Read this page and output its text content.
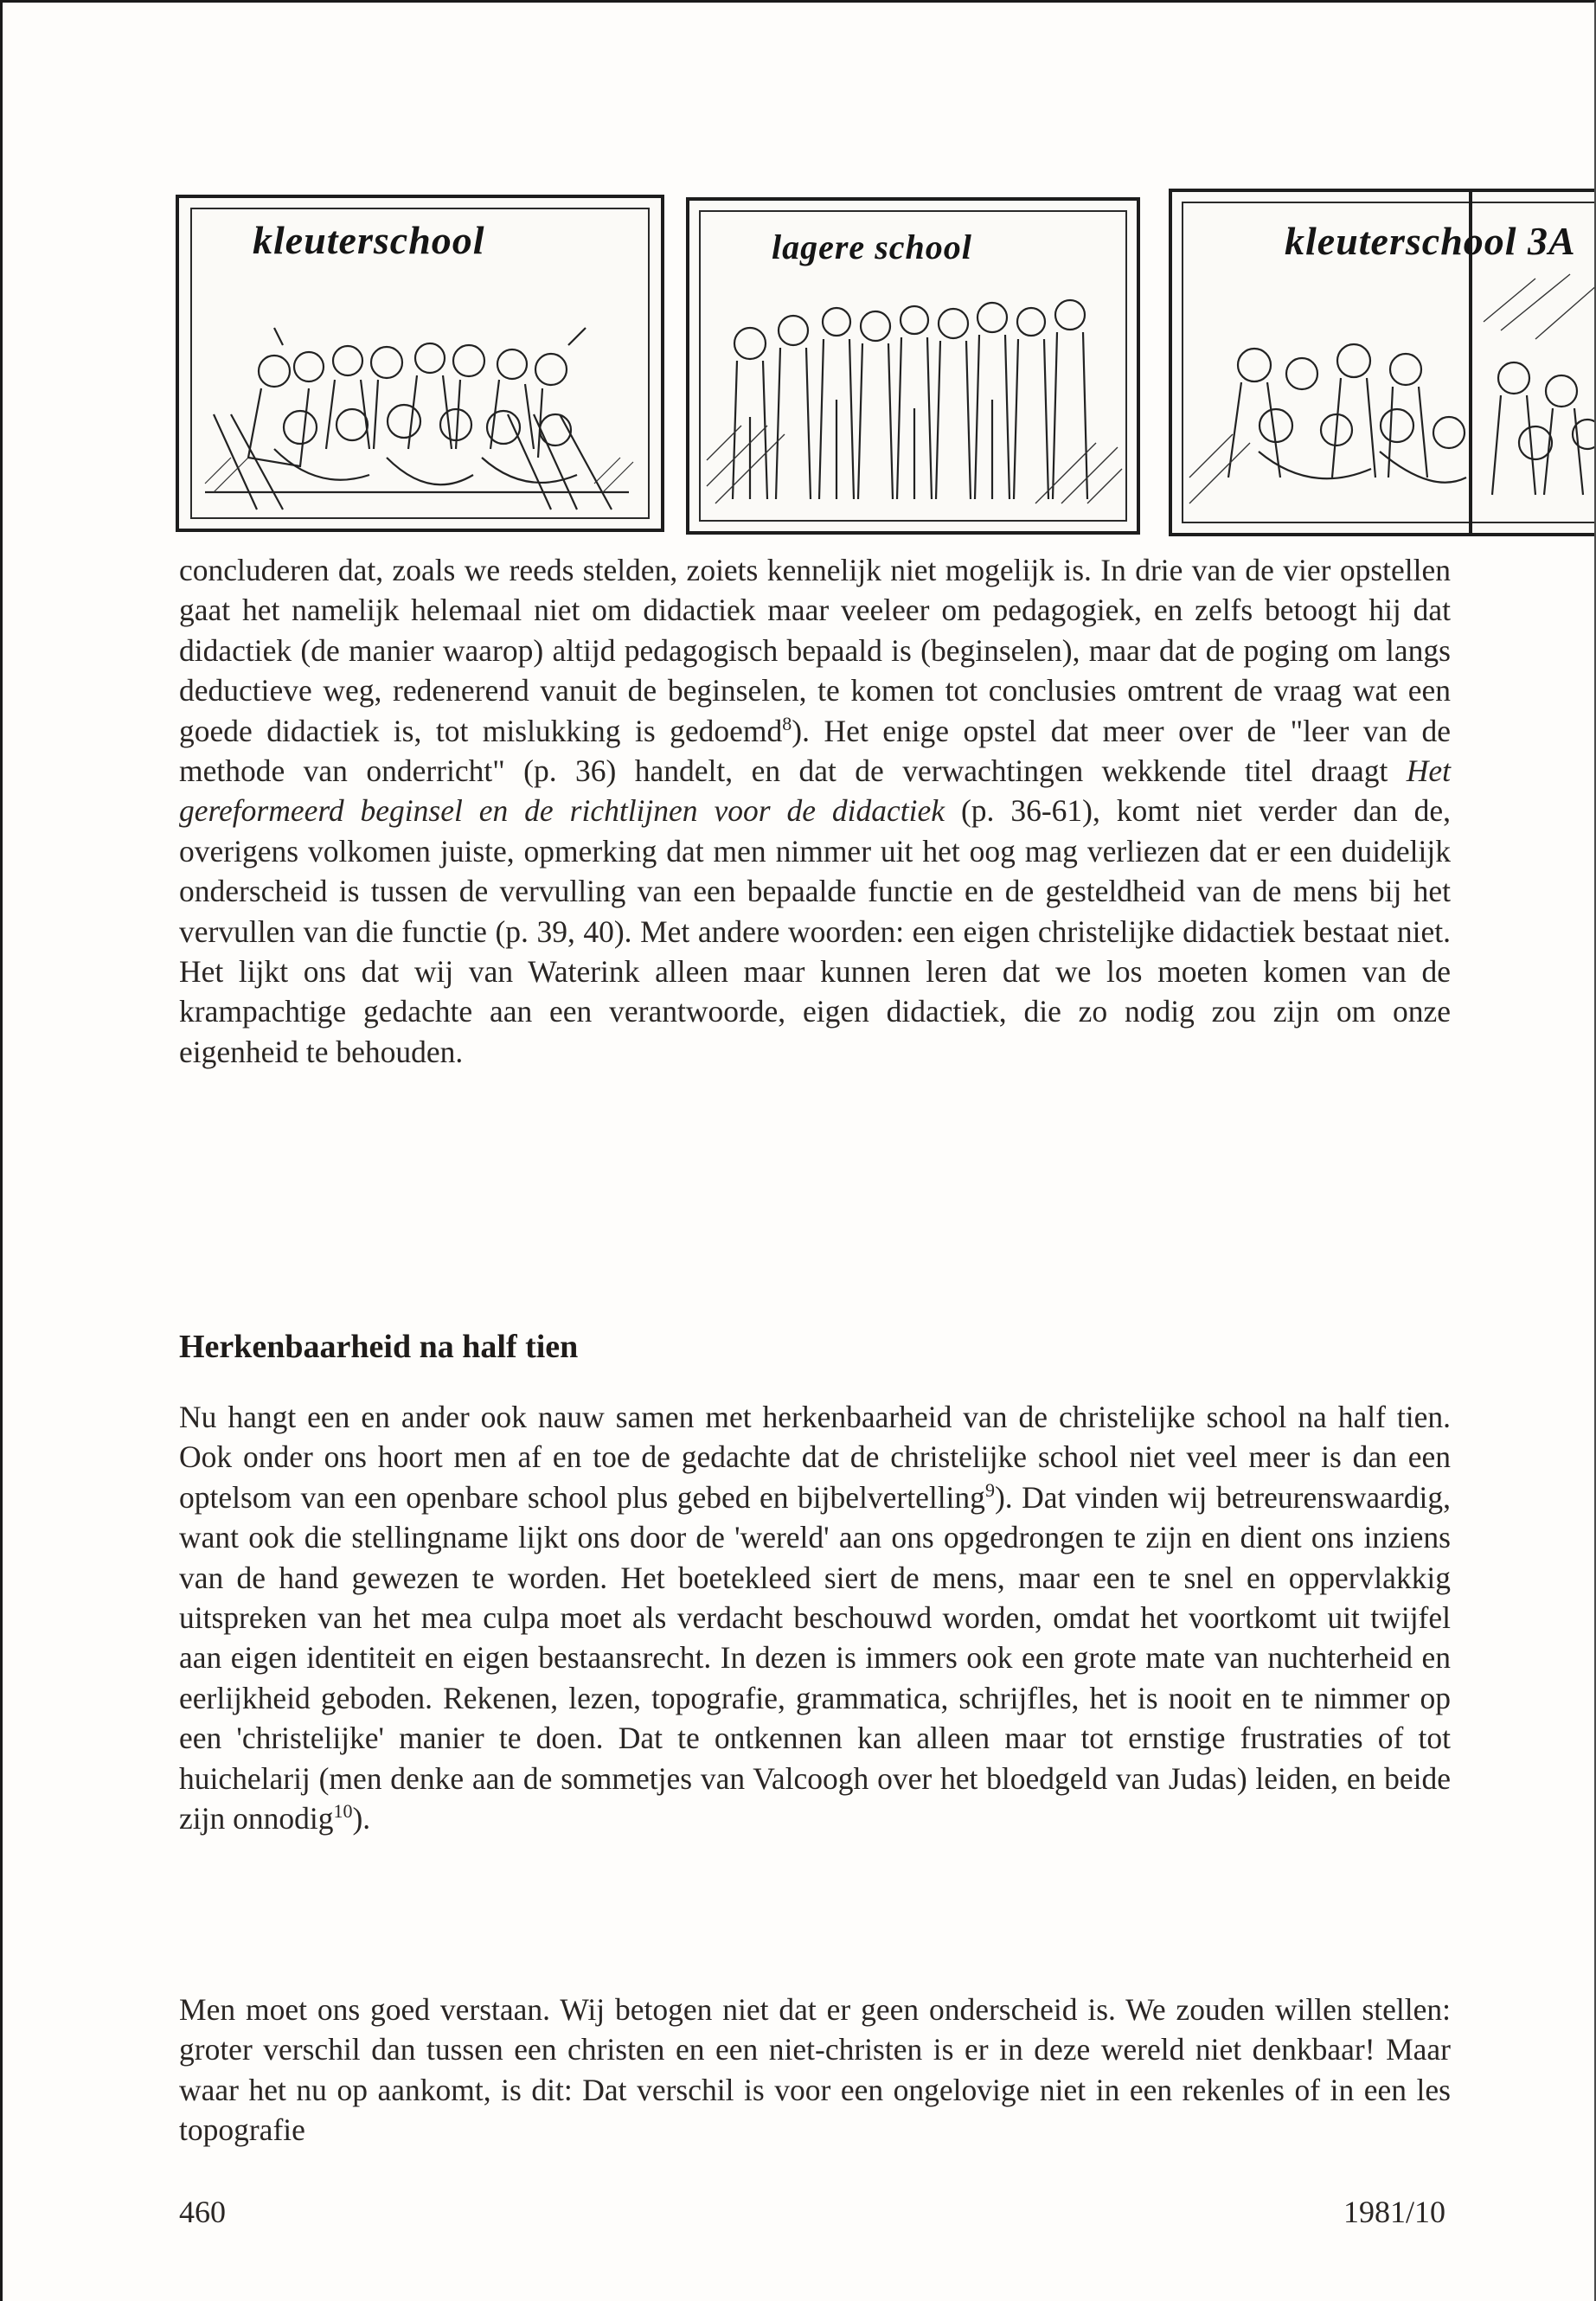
kleuterschool	lagere school	kleuterschool 3A

concluderen dat, zoals we reeds stelden, zoiets kennelijk niet mogelijk is. In drie van de vier opstellen gaat het namelijk helemaal niet om didactiek maar veeleer om pedagogiek, en zelfs betoogt hij dat didactiek (de manier waarop) altijd pedagogisch bepaald is (beginselen), maar dat de poging om langs deductieve weg, redenerend vanuit de beginselen, te komen tot conclusies omtrent de vraag wat een goede didactiek is, tot mislukking is gedoemd$^8$). Het enige opstel dat meer over de "leer van de methode van onderricht" (p. 36) handelt, en dat de verwachtingen wekkende titel draagt Het gereformeerd beginsel en de richtlijnen voor de didactiek (p. 36-61), komt niet verder dan de, overigens volkomen juiste, opmerking dat men nimmer uit het oog mag verliezen dat er een duidelijk onderscheid is tussen de vervulling van een bepaalde functie en de gesteldheid van de mens bij het vervullen van die functie (p. 39, 40). Met andere woorden: een eigen christelijke didactiek bestaat niet. Het lijkt ons dat wij van Waterink alleen maar kunnen leren dat we los moeten komen van de krampachtige gedachte aan een verantwoorde, eigen didactiek, die zo nodig zou zijn om onze eigenheid te behouden.

Herkenbaarheid na half tien

Nu hangt een en ander ook nauw samen met herkenbaarheid van de christelijke school na half tien. Ook onder ons hoort men af en toe de gedachte dat de christelijke school niet veel meer is dan een optelsom van een openbare school plus gebed en bijbelvertelling$^9$). Dat vinden wij betreurenswaardig, want ook die stellingname lijkt ons door de 'wereld' aan ons opgedrongen te zijn en dient ons inziens van de hand gewezen te worden. Het boetekleed siert de mens, maar een te snel en oppervlakkig uitspreken van het mea culpa moet als verdacht beschouwd worden, omdat het voortkomt uit twijfel aan eigen identiteit en eigen bestaansrecht. In dezen is immers ook een grote mate van nuchterheid en eerlijkheid geboden. Rekenen, lezen, topografie, grammatica, schrijfles, het is nooit en te nimmer op een 'christelijke' manier te doen. Dat te ontkennen kan alleen maar tot ernstige frustraties of tot huichelarij (men denke aan de sommetjes van Valcoogh over het bloedgeld van Judas) leiden, en beide zijn onnodig$^{10}$).

Men moet ons goed verstaan. Wij betogen niet dat er geen onderscheid is. We zouden willen stellen: groter verschil dan tussen een christen en een niet-christen is er in deze wereld niet denkbaar! Maar waar het nu op aankomt, is dit: Dat verschil is voor een ongelovige niet in een rekenles of in een les topografie

460	1981/10
